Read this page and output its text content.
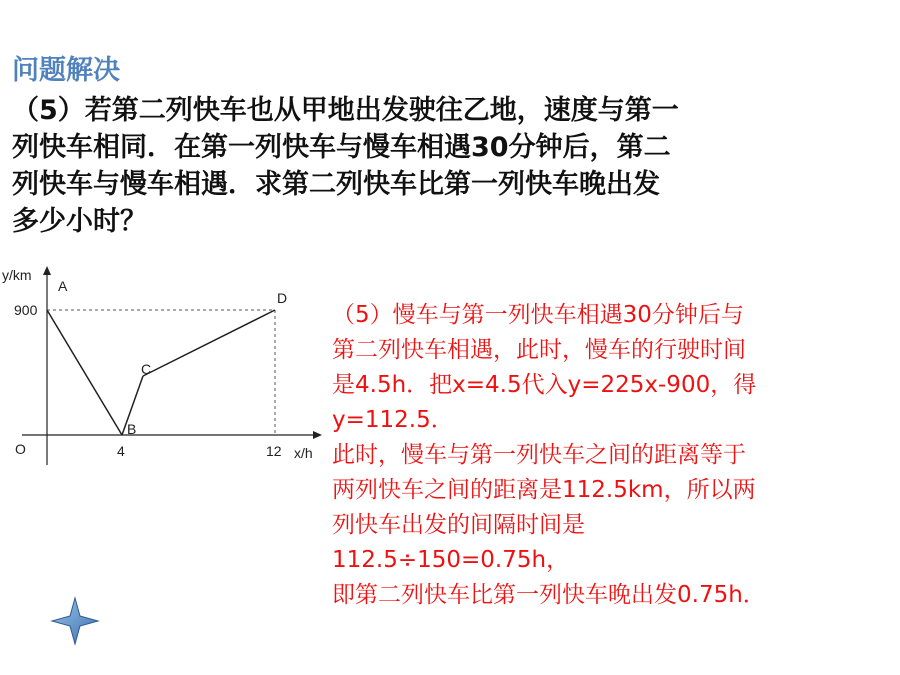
问题解决
（5）若第二列快车也从甲地出发驶往乙地，速度与第一
列快车相同．在第一列快车与慢车相遇30分钟后，第二
列快车与慢车相遇．求第二列快车比第一列快车晚出发
多少小时？
y/km
x/h
O
900
4	12
A
B
C
D
（5）慢车与第一列快车相遇30分钟后与
第二列快车相遇，此时，慢车的行驶时间
是4.5h．把x=4.5代入y=225x-900，得
y=112.5．
此时，慢车与第一列快车之间的距离等于
两列快车之间的距离是112.5km，所以两
列快车出发的间隔时间是
112.5÷150=0.75h，
即第二列快车比第一列快车晚出发0.75h．
